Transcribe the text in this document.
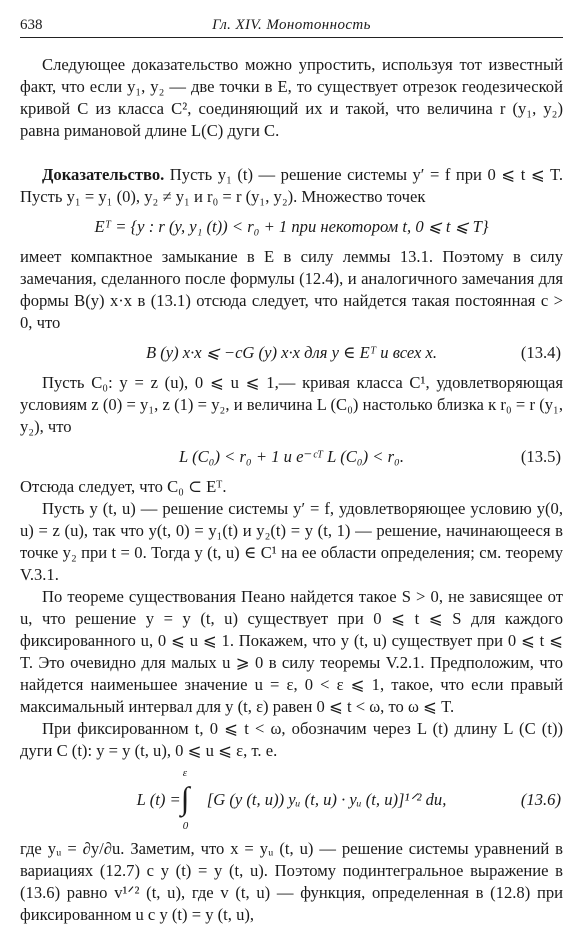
638	Гл. XIV. Монотонность

Следующее доказательство можно упростить, используя тот известный факт, что если y₁, y₂ — две точки в E, то существует отрезок геодезической кривой C из класса C², соединяющий их и такой, что величина r (y₁, y₂) равна римановой длине L(C) дуги C.

Доказательство. Пусть y₁ (t) — решение системы y′ = f при 0 ⩽ t ⩽ T. Пусть y₁ = y₁ (0), y₂ ≠ y₁ и r₀ = r (y₁, y₂). Множество точек

Eᵀ = {y : r (y, y₁ (t)) < r₀ + 1 при некотором t, 0 ⩽ t ⩽ T}

имеет компактное замыкание в E в силу леммы 13.1. Поэтому в силу замечания, сделанного после формулы (12.4), и аналогичного замечания для формы B(y) x·x в (13.1) отсюда следует, что найдется такая постоянная c > 0, что

B (y) x·x ⩽ −cG (y) x·x для y ∈ Eᵀ и всех x.	(13.4)

Пусть C₀: y = z (u), 0 ⩽ u ⩽ 1,— кривая класса C¹, удовлетворяющая условиям z (0) = y₁, z (1) = y₂, и величина L (C₀) настолько близка к r₀ = r (y₁, y₂), что

L (C₀) < r₀ + 1 и e⁻ᶜᵀ L (C₀) < r₀.	(13.5)

Отсюда следует, что C₀ ⊂ Eᵀ.

Пусть y (t, u) — решение системы y′ = f, удовлетворяющее условию y(0, u) = z (u), так что y(t, 0) = y₁(t) и y₂(t) = y (t, 1) — решение, начинающееся в точке y₂ при t = 0. Тогда y (t, u) ∈ C¹ на ее области определения; см. теорему V.3.1.

По теореме существования Пеано найдется такое S > 0, не зависящее от u, что решение y = y (t, u) существует при 0 ⩽ t ⩽ S для каждого фиксированного u, 0 ⩽ u ⩽ 1. Покажем, что y (t, u) существует при 0 ⩽ t ⩽ T. Это очевидно для малых u ⩾ 0 в силу теоремы V.2.1. Предположим, что найдется наименьшее значение u = ε, 0 < ε ⩽ 1, такое, что если правый максимальный интервал для y (t, ε) равен 0 ⩽ t < ω, то ω ⩽ T.

При фиксированном t, 0 ⩽ t < ω, обозначим через L (t) длину L (C (t)) дуги C (t): y = y (t, u), 0 ⩽ u ⩽ ε, т. е.

L (t) =
ε
∫
0
[G (y (t, u)) yᵤ (t, u) · yᵤ (t, u)]¹ᐟ² du,	(13.6)

где yᵤ = ∂y/∂u. Заметим, что x = yᵤ (t, u) — решение системы уравнений в вариациях (12.7) с y (t) = y (t, u). Поэтому подинтегральное выражение в (13.6) равно v¹ᐟ² (t, u), где v (t, u) — функция, определенная в (12.8) при фиксированном u с y (t) = y (t, u),
